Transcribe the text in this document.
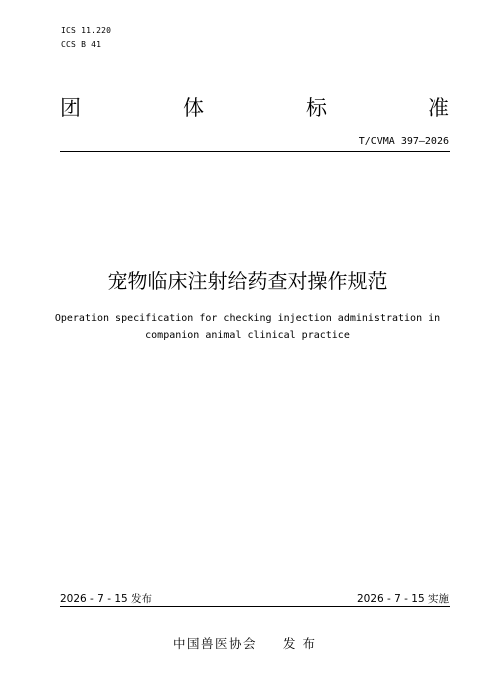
ICS 11.220
CCS B 41
团	体	标	准
T/CVMA 397—2026
宠物临床注射给药查对操作规范
Operation specification for checking injection administration in
companion animal clinical practice
2026 - 7 - 15 发布	2026 - 7 - 15 实施
中国兽医协会 发布
